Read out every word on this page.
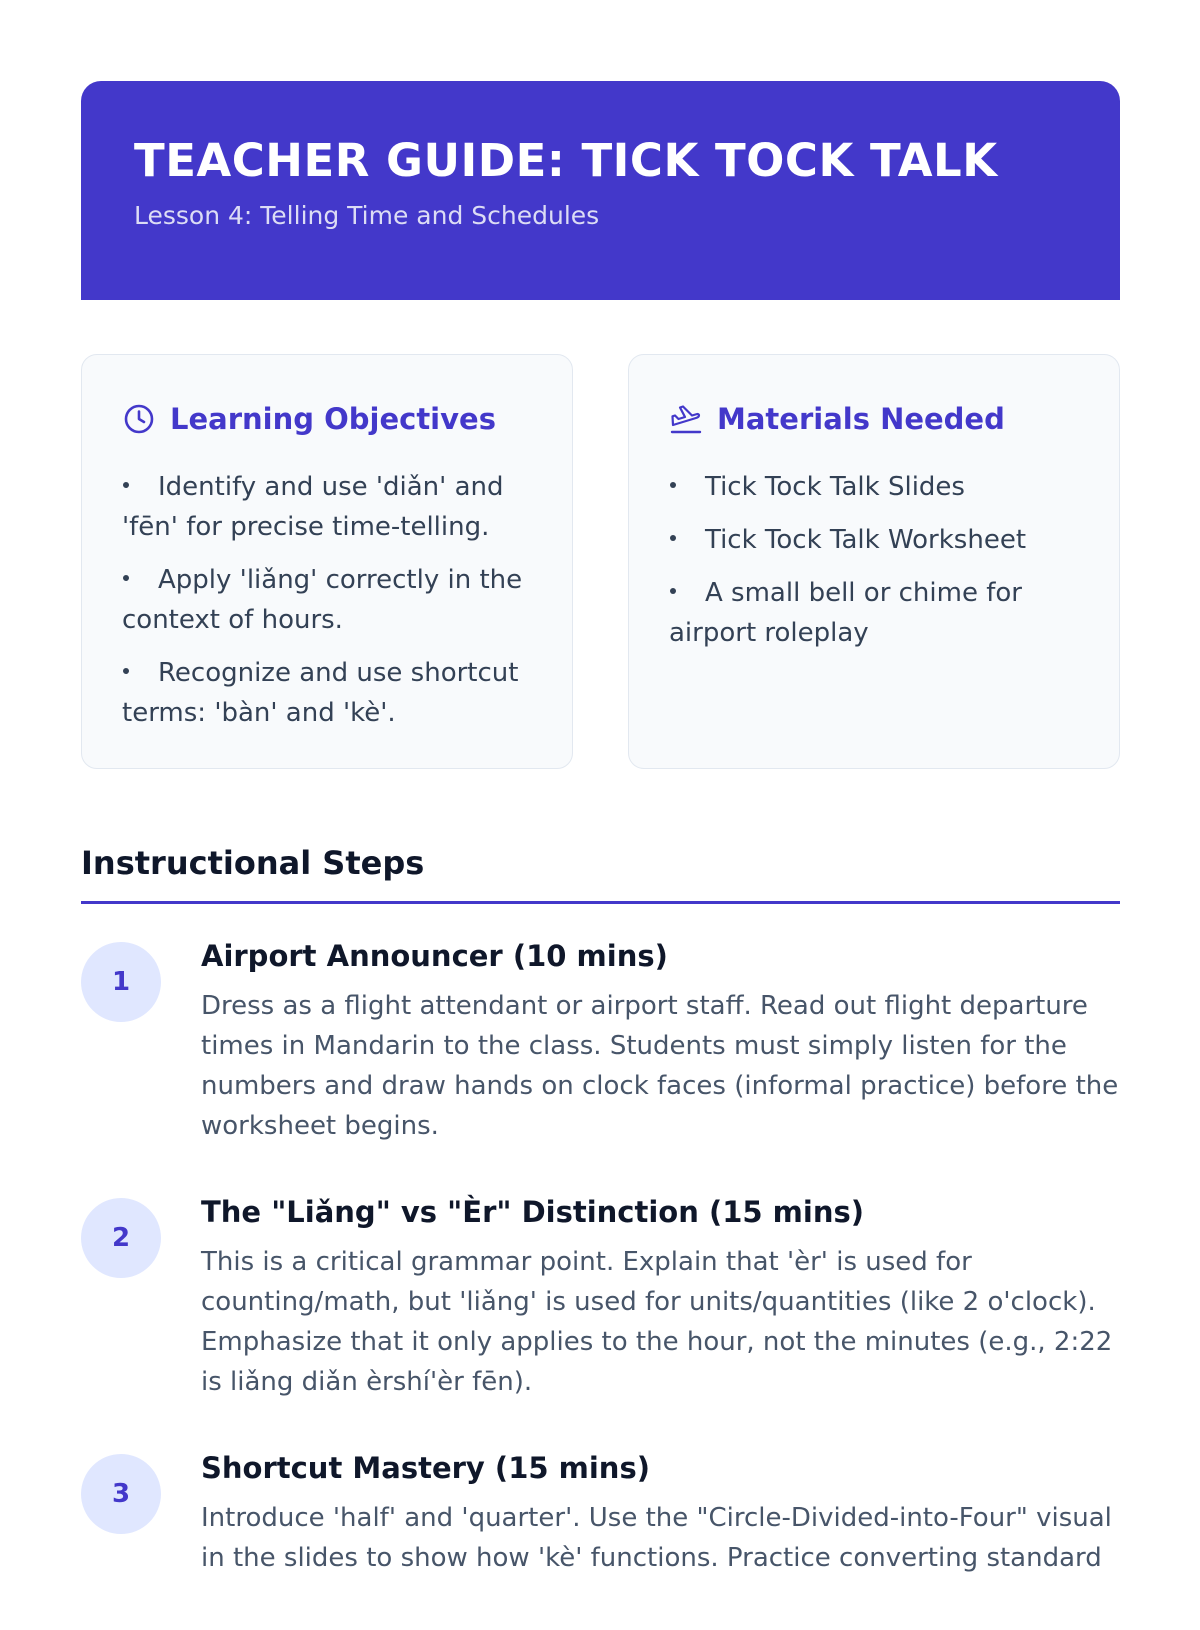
TEACHER GUIDE: TICK TOCK TALK
Lesson 4: Telling Time and Schedules
Learning Objectives
Identify and use 'diǎn' and 'fēn' for precise time-telling.
Apply 'liǎng' correctly in the context of hours.
Recognize and use shortcut terms: 'bàn' and 'kè'.
Materials Needed
Tick Tock Talk Slides
Tick Tock Talk Worksheet
A small bell or chime for airport roleplay
Instructional Steps
1
Airport Announcer (10 mins)
Dress as a flight attendant or airport staff. Read out flight departure times in Mandarin to the class. Students must simply listen for the numbers and draw hands on clock faces (informal practice) before the worksheet begins.
2
The "Liǎng" vs "Èr" Distinction (15 mins)
This is a critical grammar point. Explain that 'èr' is used for counting/math, but 'liǎng' is used for units/quantities (like 2 o'clock). Emphasize that it only applies to the hour, not the minutes (e.g., 2:22 is liǎng diǎn èrshí'èr fēn).
3
Shortcut Mastery (15 mins)
Introduce 'half' and 'quarter'. Use the "Circle-Divided-into-Four" visual in the slides to show how 'kè' functions. Practice converting standard
